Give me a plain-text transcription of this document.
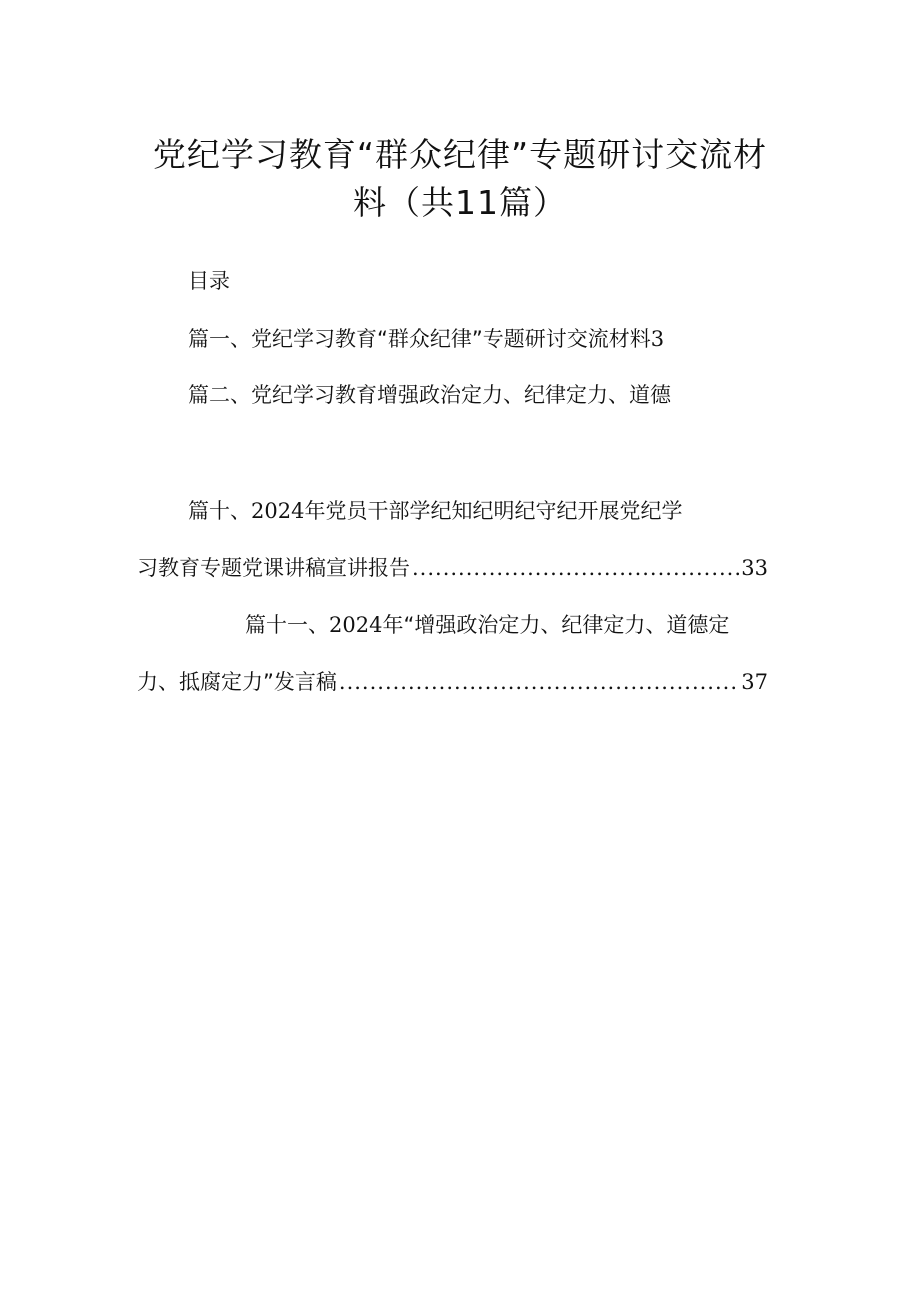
党纪学习教育“群众纪律”专题研讨交流材
料（共11篇）
目录
篇一、党纪学习教育“群众纪律”专题研讨交流材料3
篇二、党纪学习教育增强政治定力、纪律定力、道德
篇十、2024年党员干部学纪知纪明纪守纪开展党纪学
习教育专题党课讲稿宣讲报告 .....	33
篇十一、2024年“增强政治定力、纪律定力、道德定
力、抵腐定力”发言稿 .....	37
